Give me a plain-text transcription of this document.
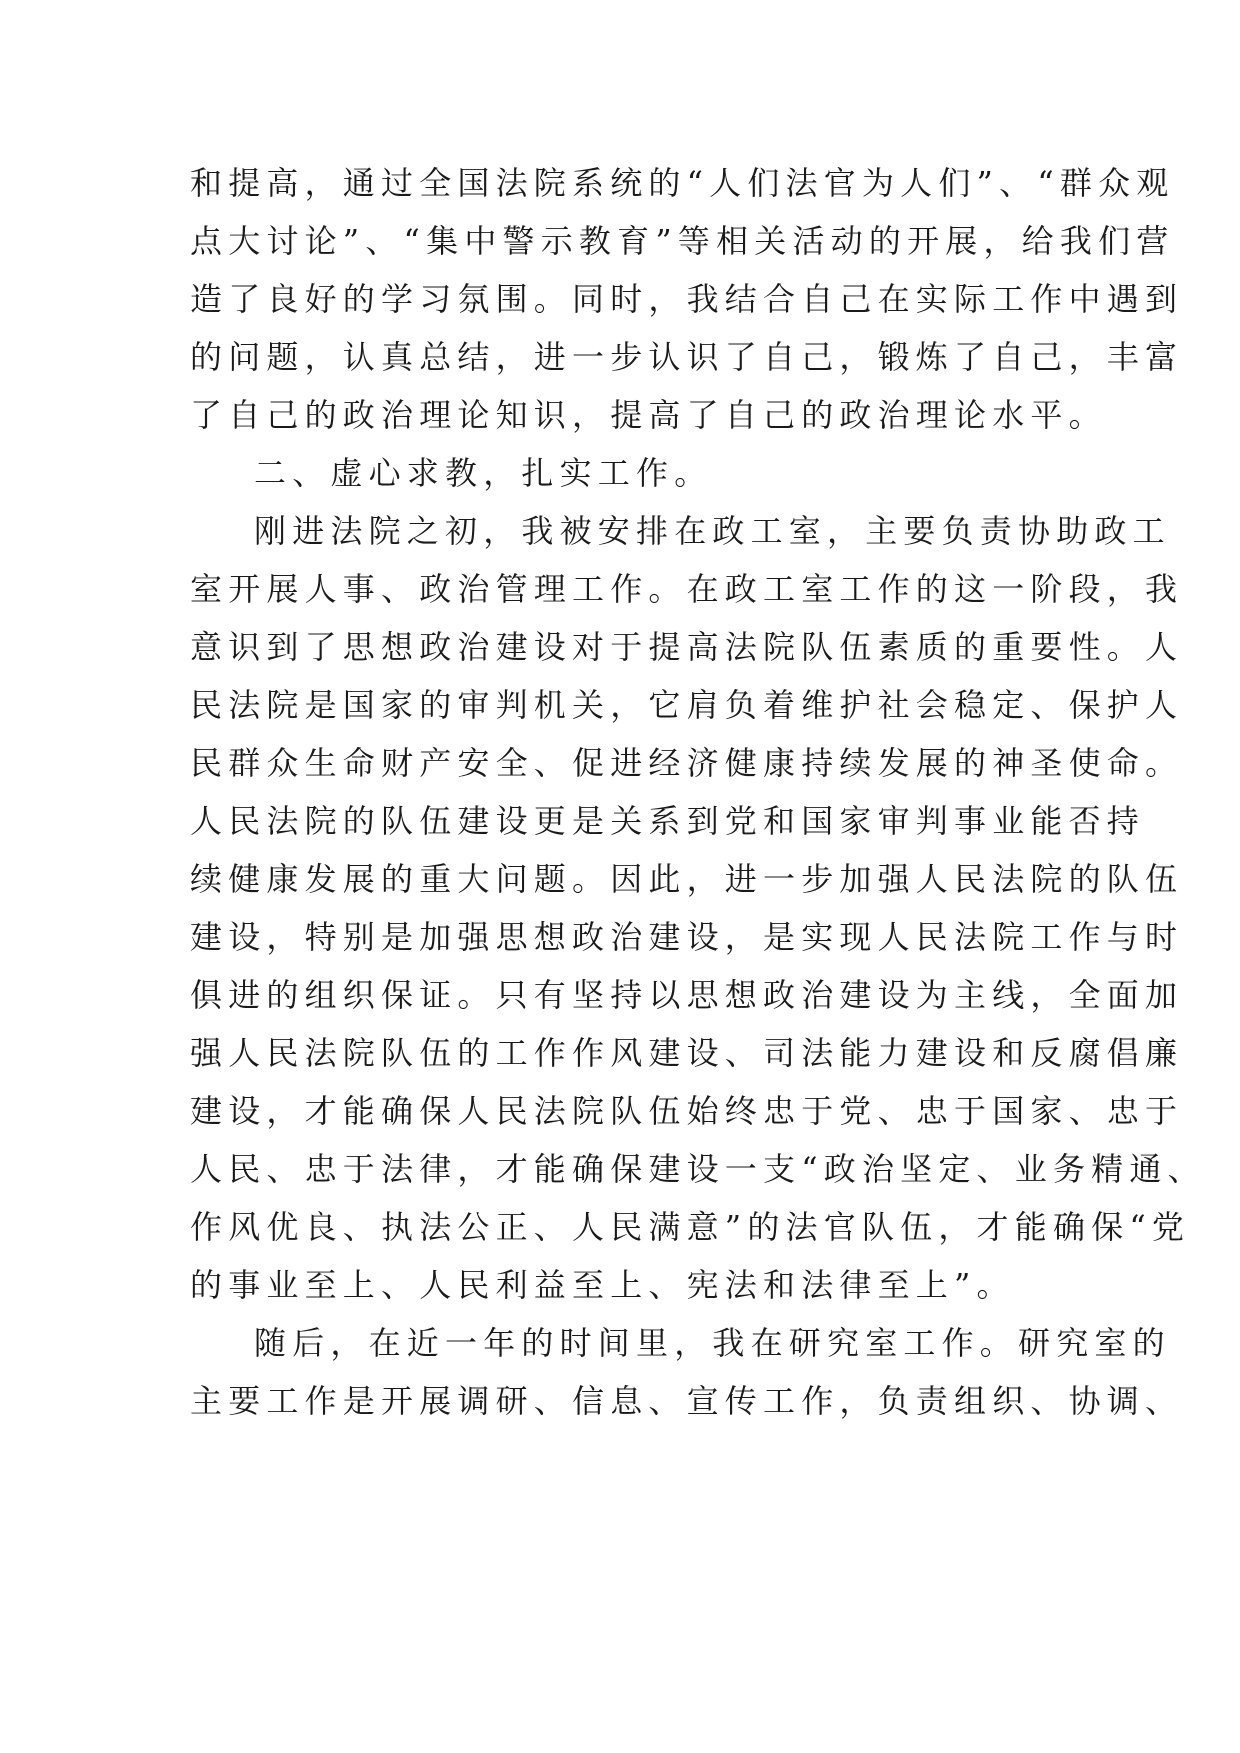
和提高，通过全国法院系统的“人们法官为人们”、“群众观
点大讨论”、“集中警示教育”等相关活动的开展，给我们营
造了良好的学习氛围。同时，我结合自己在实际工作中遇到
的问题，认真总结，进一步认识了自己，锻炼了自己，丰富
了自己的政治理论知识，提高了自己的政治理论水平。
二、虚心求教，扎实工作。
刚进法院之初，我被安排在政工室，主要负责协助政工
室开展人事、政治管理工作。在政工室工作的这一阶段，我
意识到了思想政治建设对于提高法院队伍素质的重要性。人
民法院是国家的审判机关，它肩负着维护社会稳定、保护人
民群众生命财产安全、促进经济健康持续发展的神圣使命。
人民法院的队伍建设更是关系到党和国家审判事业能否持
续健康发展的重大问题。因此，进一步加强人民法院的队伍
建设，特别是加强思想政治建设，是实现人民法院工作与时
俱进的组织保证。只有坚持以思想政治建设为主线，全面加
强人民法院队伍的工作作风建设、司法能力建设和反腐倡廉
建设，才能确保人民法院队伍始终忠于党、忠于国家、忠于
人民、忠于法律，才能确保建设一支“政治坚定、业务精通、
作风优良、执法公正、人民满意”的法官队伍，才能确保“党
的事业至上、人民利益至上、宪法和法律至上”。
随后，在近一年的时间里，我在研究室工作。研究室的
主要工作是开展调研、信息、宣传工作，负责组织、协调、
